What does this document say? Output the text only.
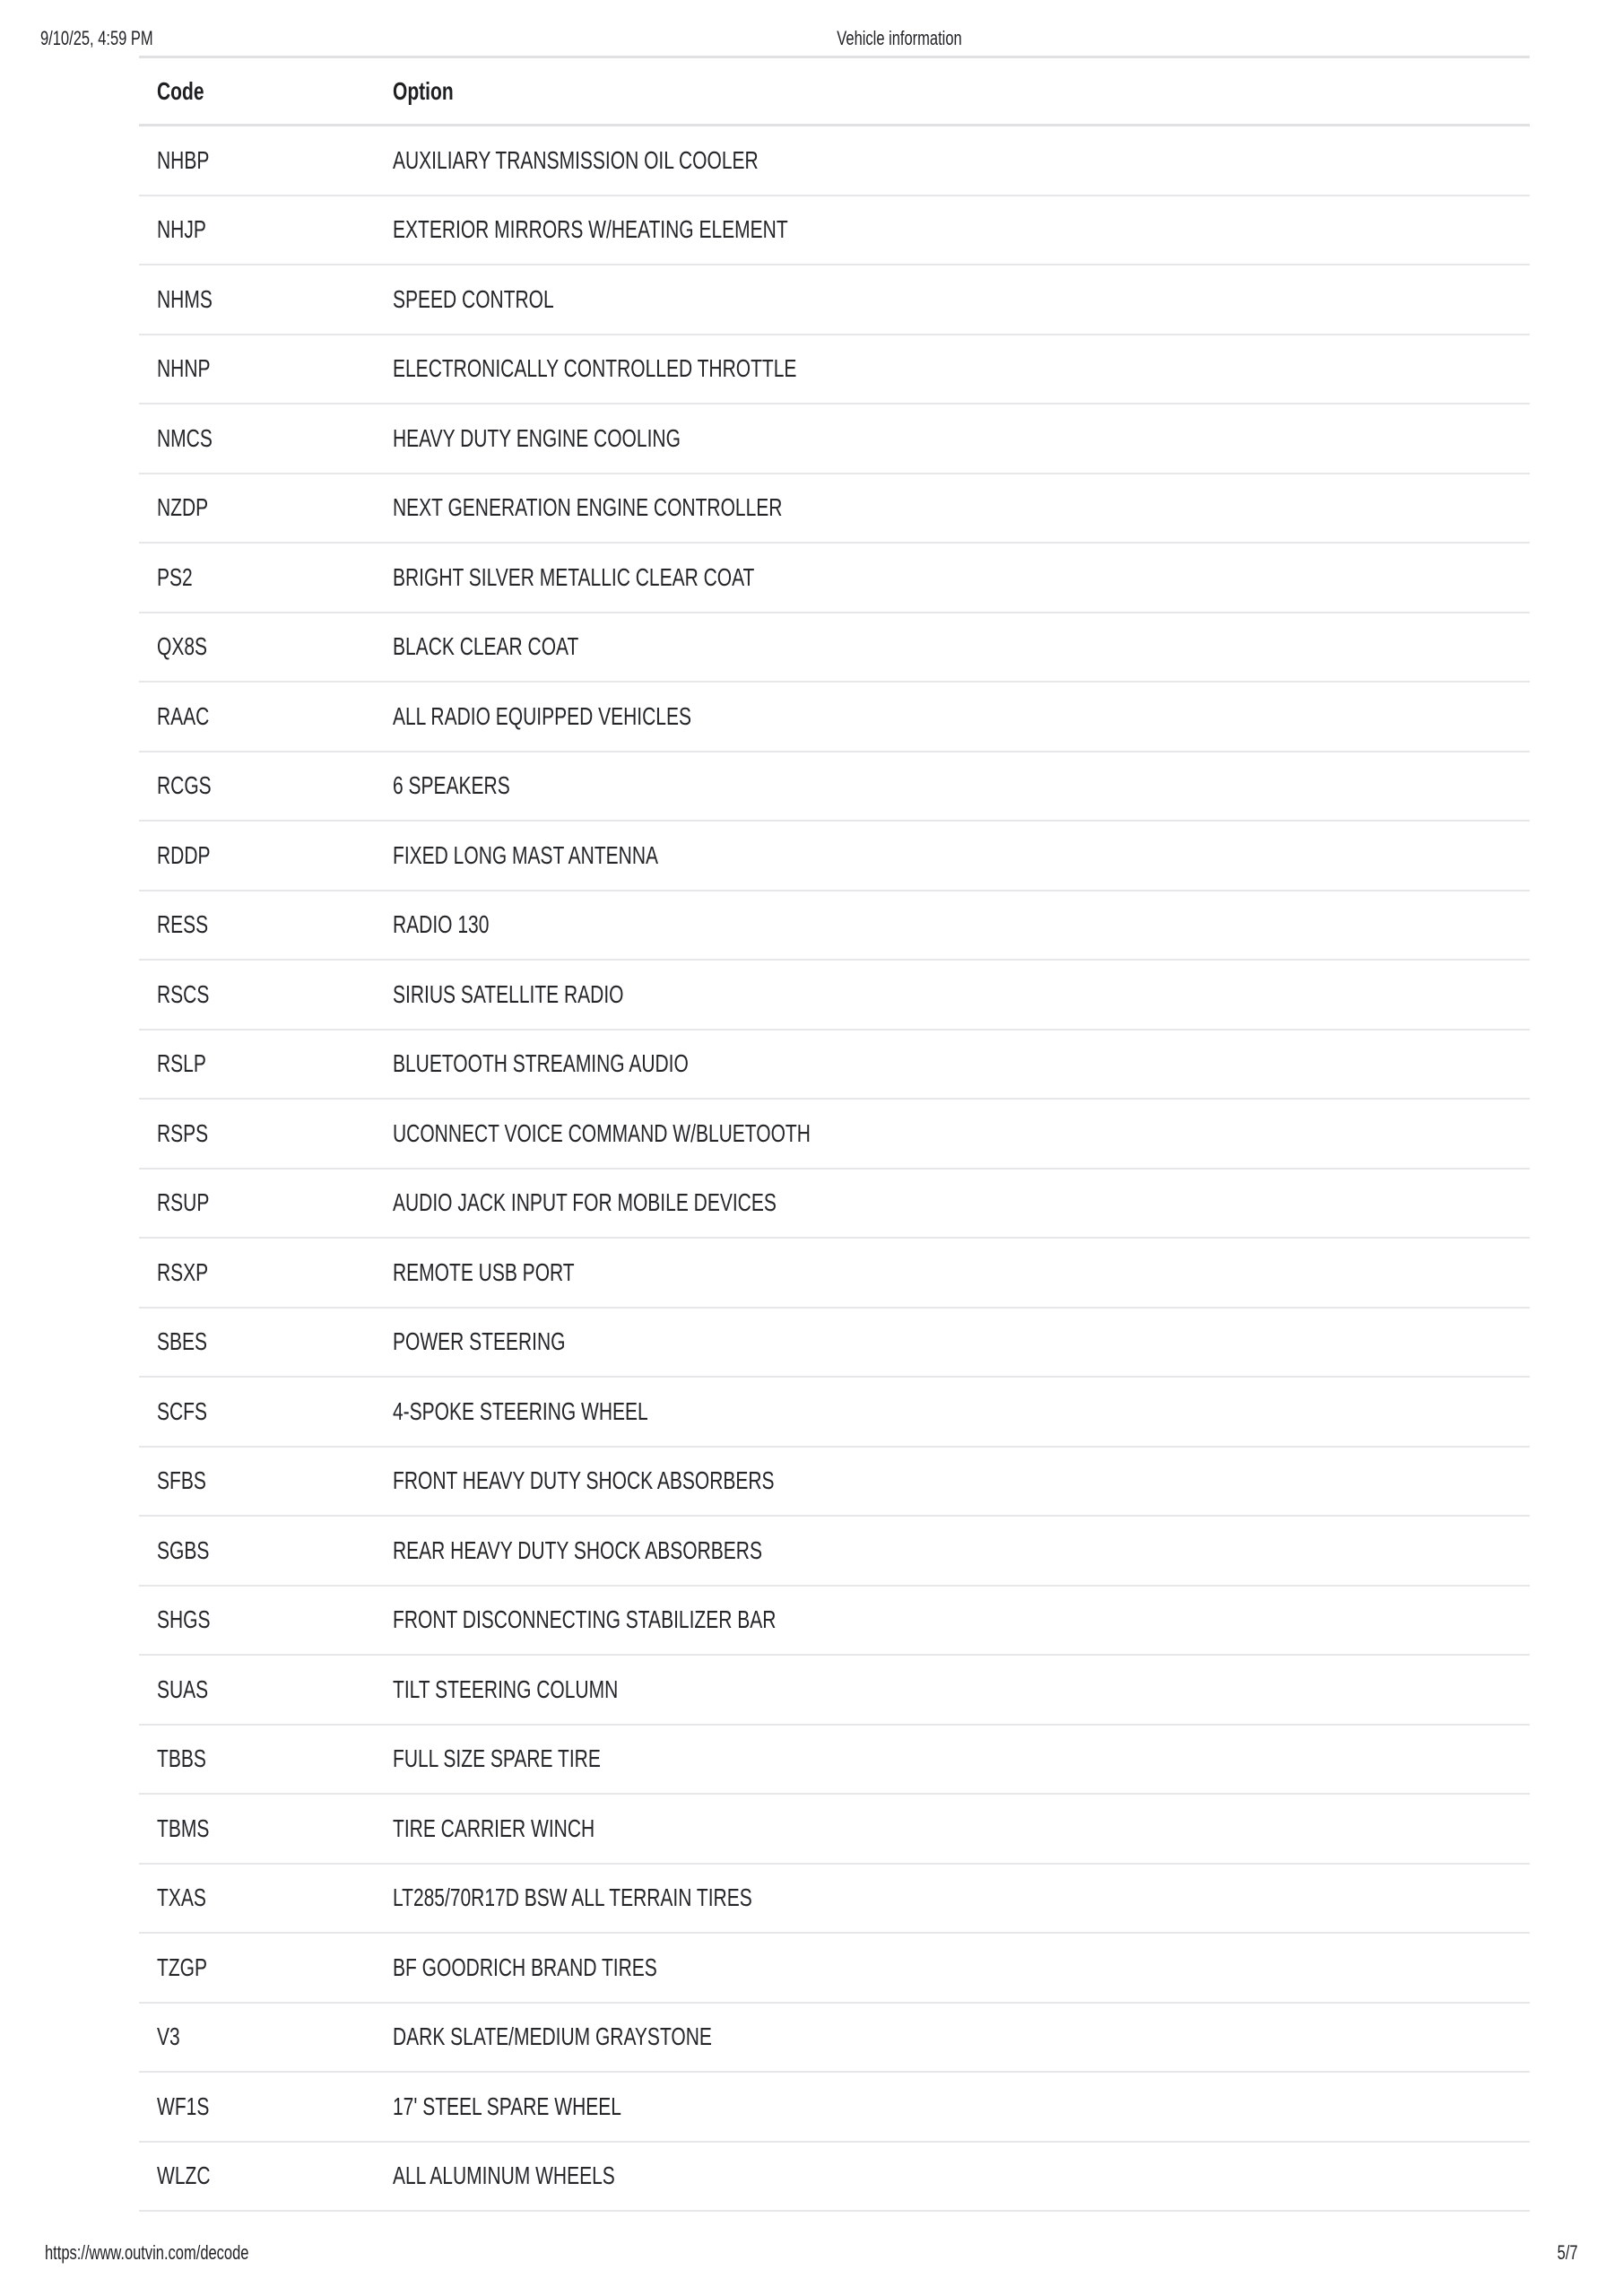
9/10/25, 4:59 PM	Vehicle information
Code	Option
NHBP	AUXILIARY TRANSMISSION OIL COOLER
NHJP	EXTERIOR MIRRORS W/HEATING ELEMENT
NHMS	SPEED CONTROL
NHNP	ELECTRONICALLY CONTROLLED THROTTLE
NMCS	HEAVY DUTY ENGINE COOLING
NZDP	NEXT GENERATION ENGINE CONTROLLER
PS2	BRIGHT SILVER METALLIC CLEAR COAT
QX8S	BLACK CLEAR COAT
RAAC	ALL RADIO EQUIPPED VEHICLES
RCGS	6 SPEAKERS
RDDP	FIXED LONG MAST ANTENNA
RESS	RADIO 130
RSCS	SIRIUS SATELLITE RADIO
RSLP	BLUETOOTH STREAMING AUDIO
RSPS	UCONNECT VOICE COMMAND W/BLUETOOTH
RSUP	AUDIO JACK INPUT FOR MOBILE DEVICES
RSXP	REMOTE USB PORT
SBES	POWER STEERING
SCFS	4-SPOKE STEERING WHEEL
SFBS	FRONT HEAVY DUTY SHOCK ABSORBERS
SGBS	REAR HEAVY DUTY SHOCK ABSORBERS
SHGS	FRONT DISCONNECTING STABILIZER BAR
SUAS	TILT STEERING COLUMN
TBBS	FULL SIZE SPARE TIRE
TBMS	TIRE CARRIER WINCH
TXAS	LT285/70R17D BSW ALL TERRAIN TIRES
TZGP	BF GOODRICH BRAND TIRES
V3	DARK SLATE/MEDIUM GRAYSTONE
WF1S	17' STEEL SPARE WHEEL
WLZC	ALL ALUMINUM WHEELS
https://www.outvin.com/decode	5/7
